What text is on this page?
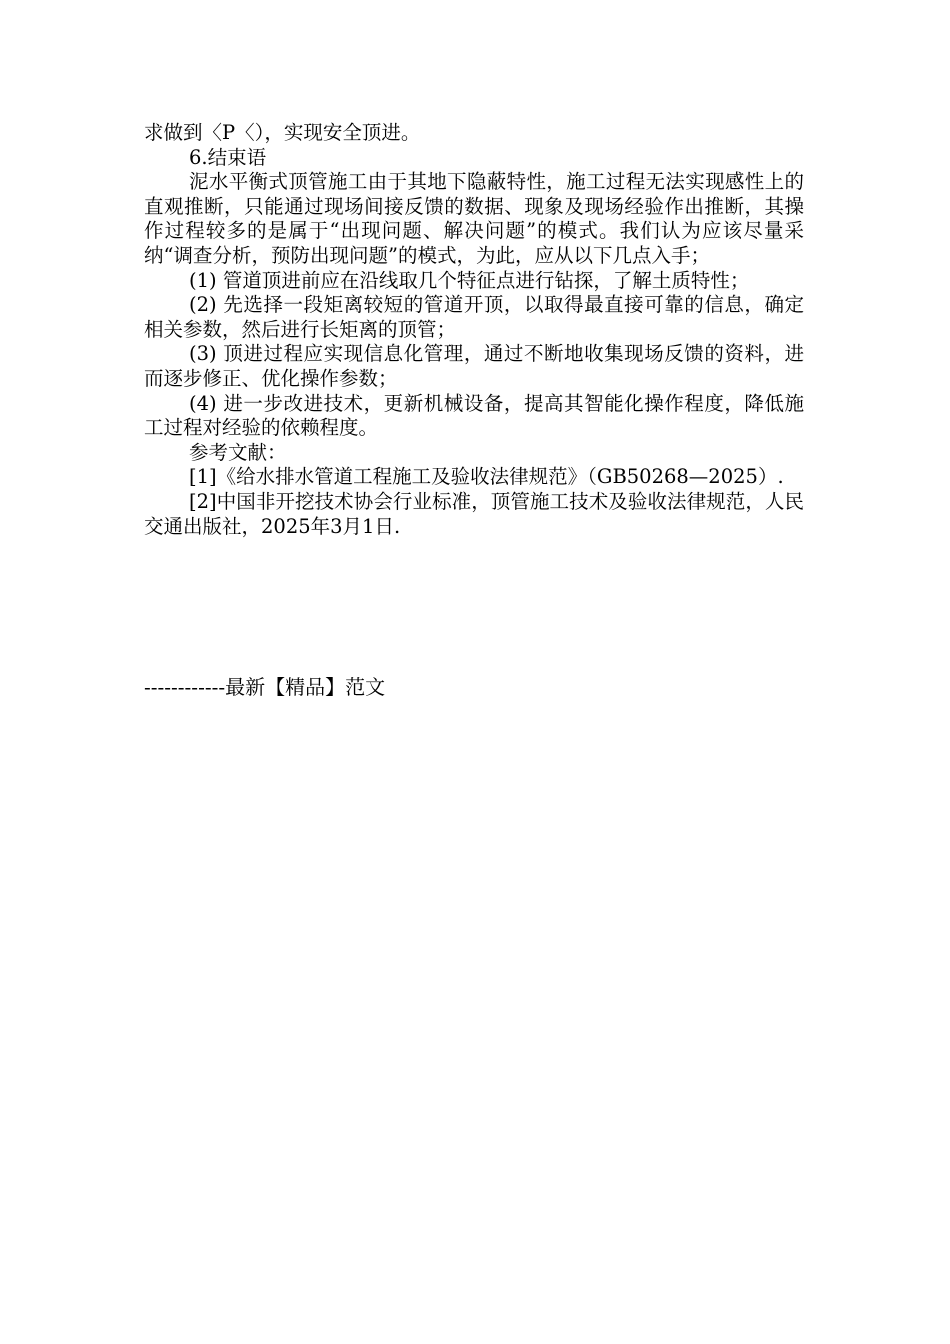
求做到〈P〈），实现安全顶进。

6.结束语

泥水平衡式顶管施工由于其地下隐蔽特性，施工过程无法实现感性上的直观推断，只能通过现场间接反馈的数据、现象及现场经验作出推断，其操作过程较多的是属于“出现问题、解决问题”的模式。我们认为应该尽量采纳“调查分析，预防出现问题”的模式，为此，应从以下几点入手；

(1) 管道顶进前应在沿线取几个特征点进行钻探，了解土质特性；

(2) 先选择一段矩离较短的管道开顶，以取得最直接可靠的信息，确定相关参数，然后进行长矩离的顶管；

(3) 顶进过程应实现信息化管理，通过不断地收集现场反馈的资料，进而逐步修正、优化操作参数；

(4) 进一步改进技术，更新机械设备，提高其智能化操作程度，降低施工过程对经验的依赖程度。

参考文献：

[1]《给水排水管道工程施工及验收法律规范》（GB50268—2025）.

[2]中国非开挖技术协会行业标准，顶管施工技术及验收法律规范，人民交通出版社，2025年3月1日.

------------最新【精品】范文
